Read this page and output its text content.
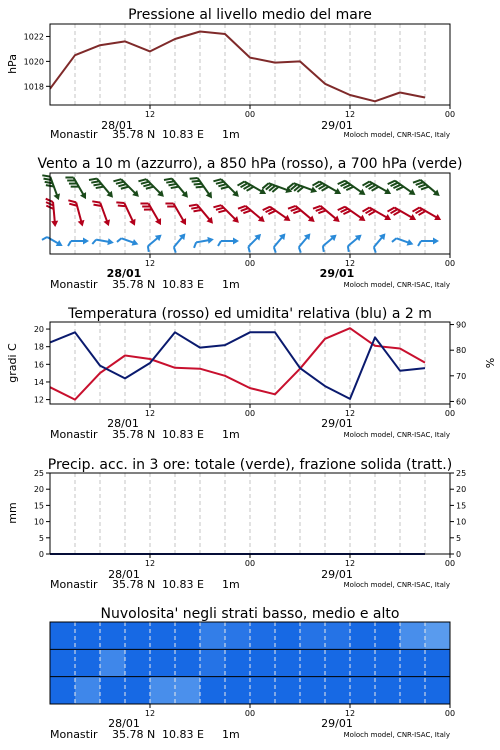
Pressione al livello medio del mare
hPa
1018
1020
1022
12	00	12	00
28/01	29/01
Monastir 35.78 N 10.83 E 1m	Moloch model, CNR-ISAC, Italy
Vento a 10 m (azzurro), a 850 hPa (rosso), a 700 hPa (verde)
12	00	12	00
28/01	29/01
Monastir 35.78 N 10.83 E 1m	Moloch model, CNR-ISAC, Italy
Temperatura (rosso) ed umidita' relativa (blu) a 2 m
gradi C	%
12
14
16
18
20
60
70
80
90
12	00	12	00
28/01	29/01
Monastir 35.78 N 10.83 E 1m	Moloch model, CNR-ISAC, Italy
Precip. acc. in 3 ore: totale (verde), frazione solida (tratt.)
mm
0
5
10
15
20
25
0
5
10
15
20
25
12	00	12	00
28/01	29/01
Monastir 35.78 N 10.83 E 1m	Moloch model, CNR-ISAC, Italy
Nuvolosita' negli strati basso, medio e alto
12	00	12	00
28/01	29/01
Monastir 35.78 N 10.83 E 1m	Moloch model, CNR-ISAC, Italy
